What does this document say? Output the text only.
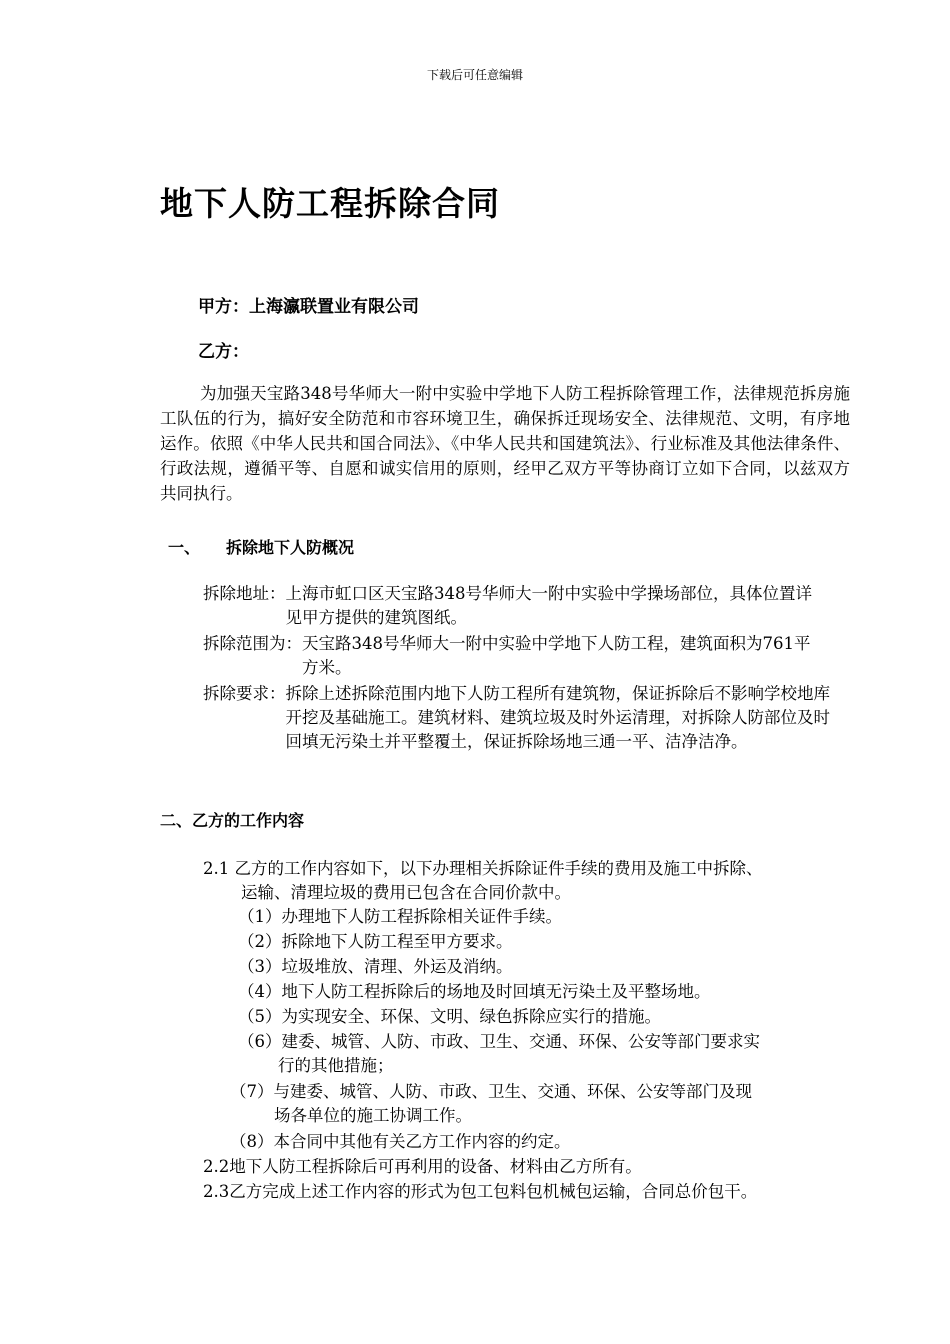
下载后可任意编辑
地下人防工程拆除合同
甲方：上海瀛联置业有限公司
乙方：
为加强天宝路348号华师大一附中实验中学地下人防工程拆除管理工作，法律规范拆房施工队伍的行为，搞好安全防范和市容环境卫生，确保拆迁现场安全、法律规范、文明，有序地运作。依照《中华人民共和国合同法》、《中华人民共和国建筑法》、行业标准及其他法律条件、行政法规，遵循平等、自愿和诚实信用的原则，经甲乙双方平等协商订立如下合同，以兹双方共同执行。
一、 拆除地下人防概况
拆除地址： 上海市虹口区天宝路348号华师大一附中实验中学操场部位，具体位置详见甲方提供的建筑图纸。
拆除范围为： 天宝路348号华师大一附中实验中学地下人防工程，建筑面积为761平方米。
拆除要求： 拆除上述拆除范围内地下人防工程所有建筑物，保证拆除后不影响学校地库开挖及基础施工。建筑材料、建筑垃圾及时外运清理，对拆除人防部位及时回填无污染土并平整覆土，保证拆除场地三通一平、洁净洁净。
二、乙方的工作内容
2.1 乙方的工作内容如下，以下办理相关拆除证件手续的费用及施工中拆除、
运输、清理垃圾的费用已包含在合同价款中。
（1）办理地下人防工程拆除相关证件手续。
（2）拆除地下人防工程至甲方要求。
（3）垃圾堆放、清理、外运及消纳。
（4）地下人防工程拆除后的场地及时回填无污染土及平整场地。
（5）为实现安全、环保、文明、绿色拆除应实行的措施。
（6）建委、城管、人防、市政、卫生、交通、环保、公安等部门要求实
行的其他措施；
（7）与建委、城管、人防、市政、卫生、交通、环保、公安等部门及现
场各单位的施工协调工作。
（8）本合同中其他有关乙方工作内容的约定。
2.2地下人防工程拆除后可再利用的设备、材料由乙方所有。
2.3乙方完成上述工作内容的形式为包工包料包机械包运输，合同总价包干。
